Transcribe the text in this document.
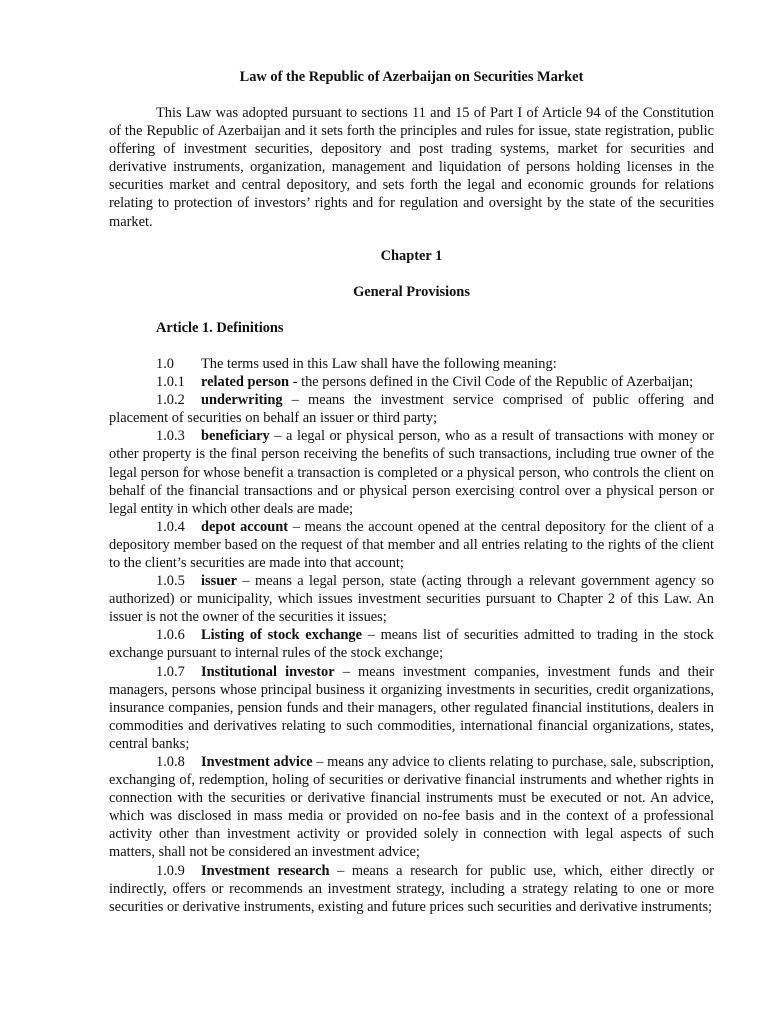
Law of the Republic of Azerbaijan on Securities Market

This Law was adopted pursuant to sections 11 and 15 of Part I of Article 94 of the Constitution of the Republic of Azerbaijan and it sets forth the principles and rules for issue, state registration, public offering of investment securities, depository and post trading systems, market for securities and derivative instruments, organization, management and liquidation of persons holding licenses in the securities market and central depository, and sets forth the legal and economic grounds for relations relating to protection of investors’ rights and for regulation and oversight by the state of the securities market.

Chapter 1

General Provisions

Article 1. Definitions

1.0 The terms used in this Law shall have the following meaning:

1.0.1 related person - the persons defined in the Civil Code of the Republic of Azerbaijan;

1.0.2 underwriting – means the investment service comprised of public offering and placement of securities on behalf an issuer or third party;

1.0.3 beneficiary – a legal or physical person, who as a result of transactions with money or other property is the final person receiving the benefits of such transactions, including true owner of the legal person for whose benefit a transaction is completed or a physical person, who controls the client on behalf of the financial transactions and or physical person exercising control over a physical person or legal entity in which other deals are made;

1.0.4 depot account – means the account opened at the central depository for the client of a depository member based on the request of that member and all entries relating to the rights of the client to the client’s securities are made into that account;

1.0.5 issuer – means a legal person, state (acting through a relevant government agency so authorized) or municipality, which issues investment securities pursuant to Chapter 2 of this Law. An issuer is not the owner of the securities it issues;

1.0.6 Listing of stock exchange – means list of securities admitted to trading in the stock exchange pursuant to internal rules of the stock exchange;

1.0.7 Institutional investor – means investment companies, investment funds and their managers, persons whose principal business it organizing investments in securities, credit organizations, insurance companies, pension funds and their managers, other regulated financial institutions, dealers in commodities and derivatives relating to such commodities, international financial organizations, states, central banks;

1.0.8 Investment advice – means any advice to clients relating to purchase, sale, subscription, exchanging of, redemption, holing of securities or derivative financial instruments and whether rights in connection with the securities or derivative financial instruments must be executed or not. An advice, which was disclosed in mass media or provided on no-fee basis and in the context of a professional activity other than investment activity or provided solely in connection with legal aspects of such matters, shall not be considered an investment advice;

1.0.9 Investment research – means a research for public use, which, either directly or indirectly, offers or recommends an investment strategy, including a strategy relating to one or more securities or derivative instruments, existing and future prices such securities and derivative instruments;
